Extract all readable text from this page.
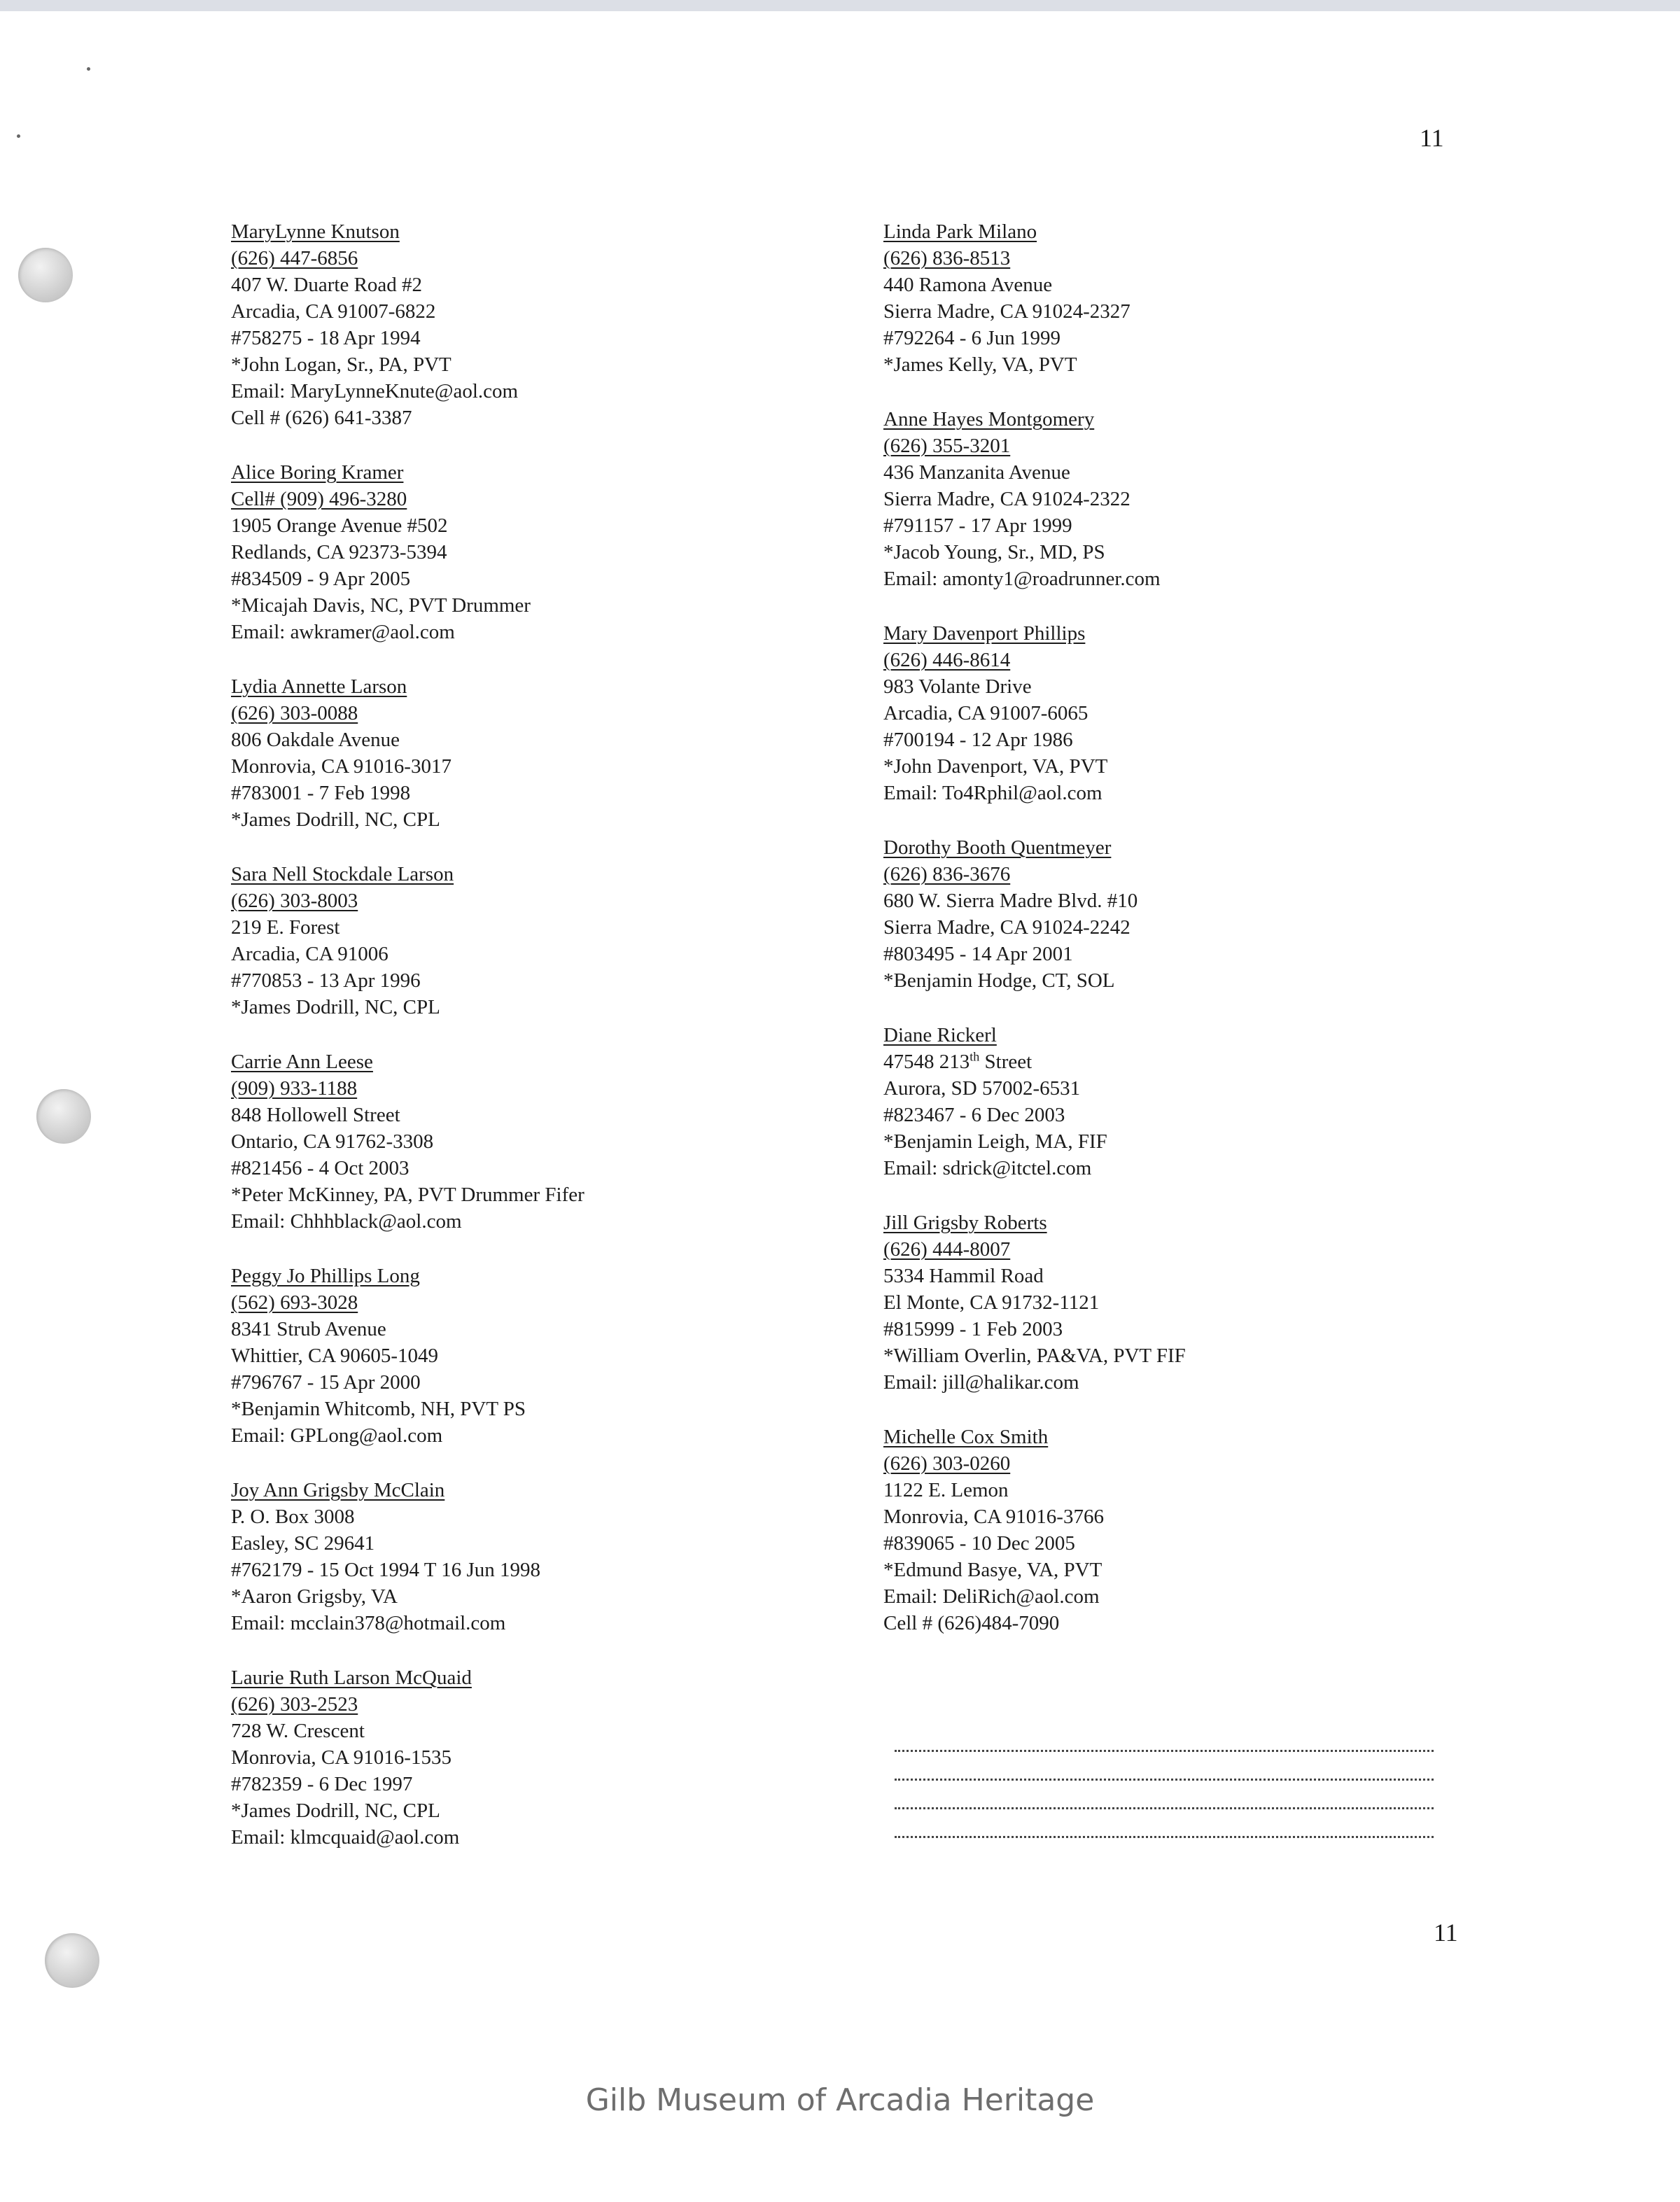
11
MaryLynne Knutson
(626) 447-6856
407 W. Duarte Road #2
Arcadia, CA 91007-6822
#758275 - 18 Apr 1994
*John Logan, Sr., PA, PVT
Email: MaryLynneKnute@aol.com
Cell # (626) 641-3387
Alice Boring Kramer
Cell# (909) 496-3280
1905 Orange Avenue #502
Redlands, CA 92373-5394
#834509 - 9 Apr 2005
*Micajah Davis, NC, PVT Drummer
Email: awkramer@aol.com
Lydia Annette Larson
(626) 303-0088
806 Oakdale Avenue
Monrovia, CA 91016-3017
#783001 - 7 Feb 1998
*James Dodrill, NC, CPL
Sara Nell Stockdale Larson
(626) 303-8003
219 E. Forest
Arcadia, CA 91006
#770853 - 13 Apr 1996
*James Dodrill, NC, CPL
Carrie Ann Leese
(909) 933-1188
848 Hollowell Street
Ontario, CA 91762-3308
#821456 - 4 Oct 2003
*Peter McKinney, PA, PVT Drummer Fifer
Email: Chhhblack@aol.com
Peggy Jo Phillips Long
(562) 693-3028
8341 Strub Avenue
Whittier, CA 90605-1049
#796767 - 15 Apr 2000
*Benjamin Whitcomb, NH, PVT PS
Email: GPLong@aol.com
Joy Ann Grigsby McClain
P. O. Box 3008
Easley, SC 29641
#762179 - 15 Oct 1994 T 16 Jun 1998
*Aaron Grigsby, VA
Email: mcclain378@hotmail.com
Laurie Ruth Larson McQuaid
(626) 303-2523
728 W. Crescent
Monrovia, CA 91016-1535
#782359 - 6 Dec 1997
*James Dodrill, NC, CPL
Email: klmcquaid@aol.com
Linda Park Milano
(626) 836-8513
440 Ramona Avenue
Sierra Madre, CA 91024-2327
#792264 - 6 Jun 1999
*James Kelly, VA, PVT
Anne Hayes Montgomery
(626) 355-3201
436 Manzanita Avenue
Sierra Madre, CA 91024-2322
#791157 - 17 Apr 1999
*Jacob Young, Sr., MD, PS
Email: amonty1@roadrunner.com
Mary Davenport Phillips
(626) 446-8614
983 Volante Drive
Arcadia, CA 91007-6065
#700194 - 12 Apr 1986
*John Davenport, VA, PVT
Email: To4Rphil@aol.com
Dorothy Booth Quentmeyer
(626) 836-3676
680 W. Sierra Madre Blvd. #10
Sierra Madre, CA 91024-2242
#803495 - 14 Apr 2001
*Benjamin Hodge, CT, SOL
Diane Rickerl
47548 213th Street
Aurora, SD 57002-6531
#823467 - 6 Dec 2003
*Benjamin Leigh, MA, FIF
Email: sdrick@itctel.com
Jill Grigsby Roberts
(626) 444-8007
5334 Hammil Road
El Monte, CA 91732-1121
#815999 - 1 Feb 2003
*William Overlin, PA&VA, PVT FIF
Email: jill@halikar.com
Michelle Cox Smith
(626) 303-0260
1122 E. Lemon
Monrovia, CA 91016-3766
#839065 - 10 Dec 2005
*Edmund Basye, VA, PVT
Email: DeliRich@aol.com
Cell # (626)484-7090
11
Gilb Museum of Arcadia Heritage
